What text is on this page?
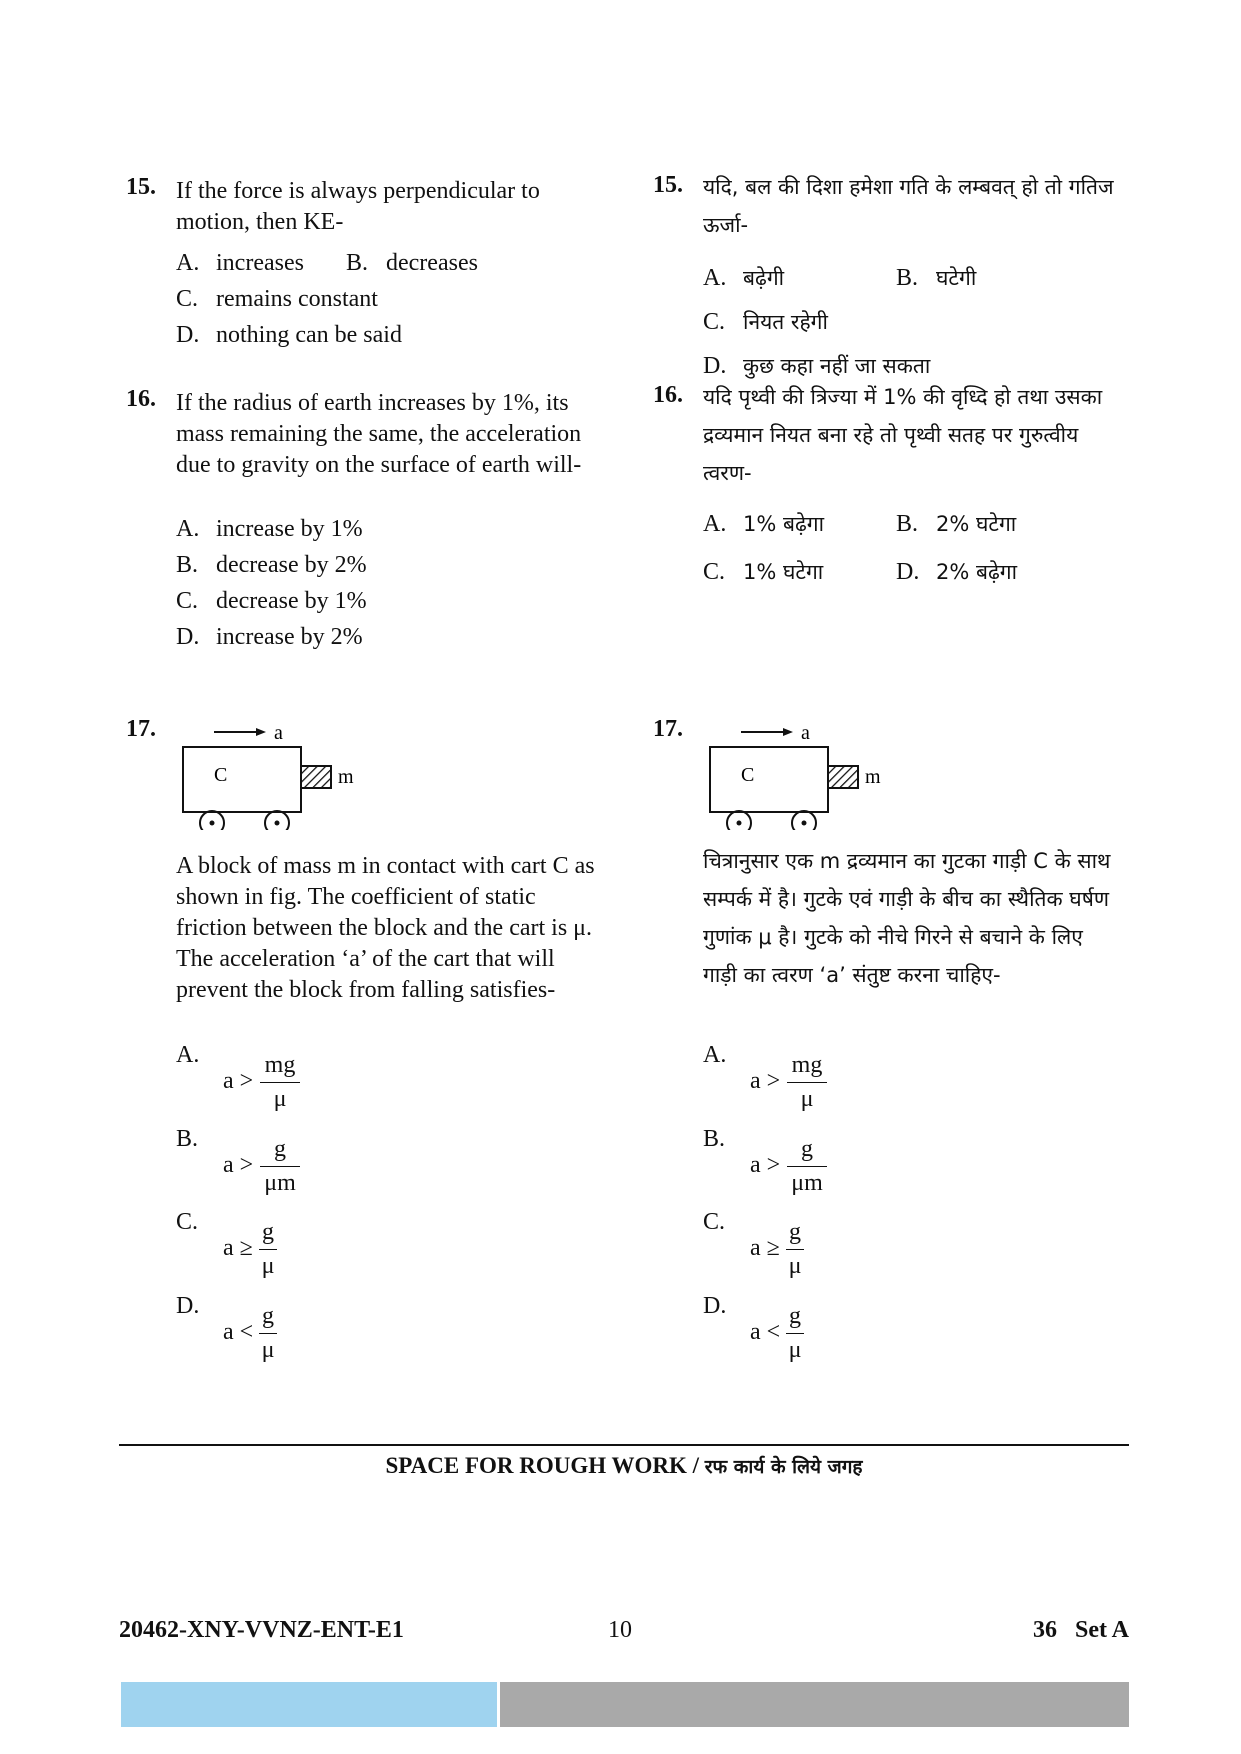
15. If the force is always perpendicular to motion, then KE-
A. increases B. decreases
C. remains constant
D. nothing can be said
16. If the radius of earth increases by 1%, its mass remaining the same, the acceleration due to gravity on the surface of earth will-
A. increase by 1%
B. decrease by 2%
C. decrease by 1%
D. increase by 2%
17.	a
C	m
A block of mass m in contact with cart C as shown in fig. The coefficient of static friction between the block and the cart is μ. The acceleration ‘a’ of the cart that will prevent the block from falling satisfies-
A.
a >
mg
μ
B.
a >
g
μm
C.
a ≥
g
μ
D.
a <
g
μ
15. यदि, बल की दिशा हमेशा गति के लम्बवत् हो तो गतिज ऊर्जा-
A. बढ़ेगी	B. घटेगी
C. नियत रहेगी
D. कुछ कहा नहीं जा सकता
16. यदि पृथ्वी की त्रिज्या में 1% की वृध्दि हो तथा उसका द्रव्यमान नियत बना रहे तो पृथ्वी सतह पर गुरुत्वीय त्वरण-
A. 1% बढ़ेगा	B. 2% घटेगा
C. 1% घटेगा	D. 2% बढ़ेगा
17.	a
C	m
चित्रानुसार एक m द्रव्यमान का गुटका गाड़ी C के साथ सम्पर्क में है। गुटके एवं गाड़ी के बीच का स्थैतिक घर्षण गुणांक μ है। गुटके को नीचे गिरने से बचाने के लिए गाड़ी का त्वरण ‘a’ संतुष्ट करना चाहिए-
A.
a >
mg
μ
B.
a >
g
μm
C.
a ≥
g
μ
D.
a <
g
μ
SPACE FOR ROUGH WORK / रफ कार्य के लिये जगह
20462-XNY-VVNZ-ENT-E1	10	36   Set A
